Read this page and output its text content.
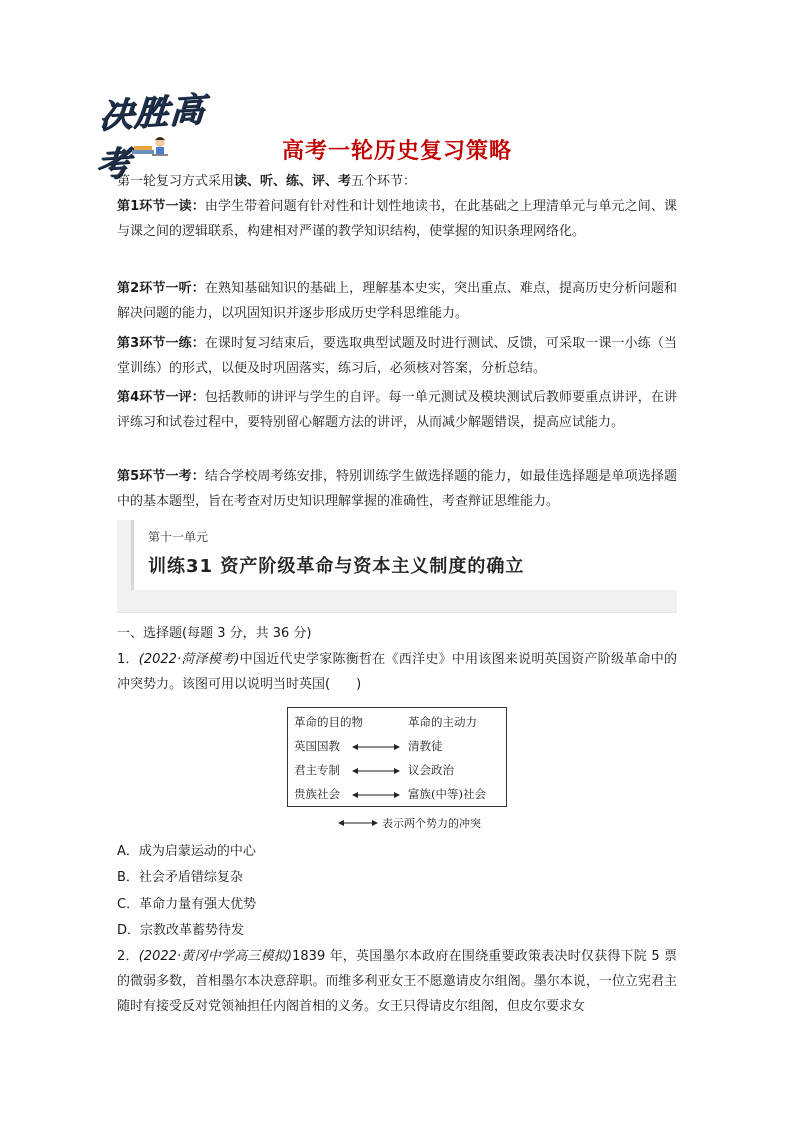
决胜高考	高考一轮历史复习策略
第一轮复习方式采用读、听、练、评、考五个环节：
第1环节一读：由学生带着问题有针对性和计划性地读书，在此基础之上理清单元与单元之间、课与课之间的逻辑联系，构建相对严谨的教学知识结构，使掌握的知识条理网络化。
第2环节一听：在熟知基础知识的基础上，理解基本史实，突出重点、难点，提高历史分析问题和解决问题的能力，以巩固知识并逐步形成历史学科思维能力。
第3环节一练：在课时复习结束后，要选取典型试题及时进行测试、反馈，可采取一课一小练（当堂训练）的形式，以便及时巩固落实，练习后，必须核对答案，分析总结。
第4环节一评：包括教师的讲评与学生的自评。每一单元测试及模块测试后教师要重点讲评，在讲评练习和试卷过程中，要特别留心解题方法的讲评，从而减少解题错误，提高应试能力。
第5环节一考：结合学校周考练安排，特别训练学生做选择题的能力，如最佳选择题是单项选择题中的基本题型，旨在考查对历史知识理解掌握的准确性，考查辩证思维能力。
第十一单元
训练31 资产阶级革命与资本主义制度的确立
一、选择题(每题 3 分，共 36 分)
1．(2022·菏泽模考)中国近代史学家陈衡哲在《西洋史》中用该图来说明英国资产阶级革命中的冲突势力。该图可用以说明当时英国(　　)
革命的目的物	革命的主动力
英国国教	清教徒
君主专制	议会政治
贵族社会	富族(中等)社会
表示两个势力的冲突
A．成为启蒙运动的中心
B．社会矛盾错综复杂
C．革命力量有强大优势
D．宗教改革蓄势待发
2．(2022·黄冈中学高三模拟)1839 年，英国墨尔本政府在围绕重要政策表决时仅获得下院 5 票的微弱多数，首相墨尔本决意辞职。而维多利亚女王不愿邀请皮尔组阁。墨尔本说，一位立宪君主随时有接受反对党领袖担任内阁首相的义务。女王只得请皮尔组阁，但皮尔要求女
